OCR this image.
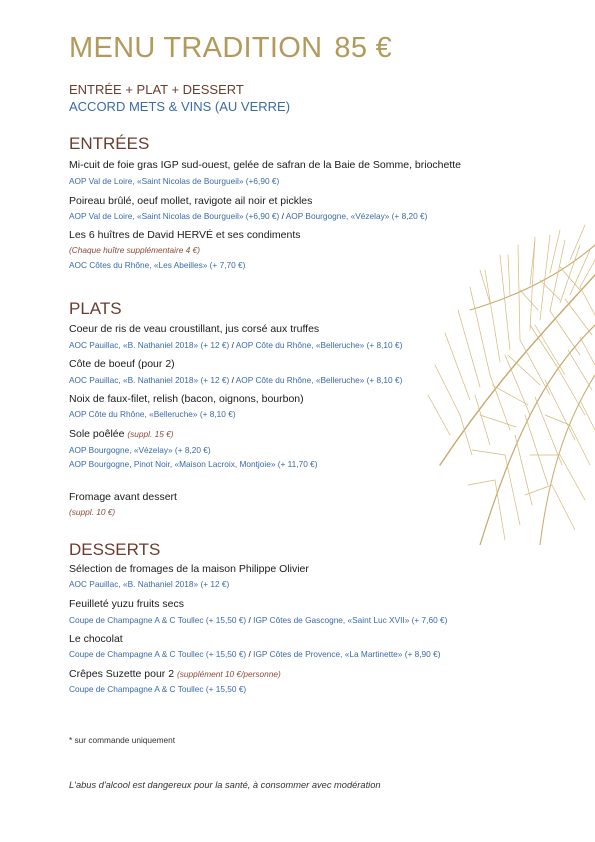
MENU TRADITION 85 €
ENTRÉE + PLAT + DESSERT
ACCORD METS & VINS (AU VERRE)
ENTRÉES
Mi-cuit de foie gras IGP sud-ouest, gelée de safran de la Baie de Somme, briochette
AOP Val de Loire, «Saint Nicolas de Bourgueil» (+6,90 €)
Poireau brûlé, oeuf mollet, ravigote ail noir et pickles
AOP Val de Loire, «Saint Nicolas de Bourgueil» (+6,90 €) / AOP Bourgogne, «Vézelay» (+ 8,20 €)
Les 6 huîtres de David HERVÉ et ses condiments
(Chaque huître supplémentaire 4 €)
AOC Côtes du Rhône, «Les Abeilles» (+ 7,70 €)
PLATS
Coeur de ris de veau croustillant, jus corsé aux truffes
AOC Pauillac, «B. Nathaniel 2018» (+ 12 €) / AOP Côte du Rhône, «Belleruche» (+ 8,10 €)
Côte de boeuf (pour 2)
AOC Pauillac, «B. Nathaniel 2018» (+ 12 €) / AOP Côte du Rhône, «Belleruche» (+ 8,10 €)
Noix de faux-filet, relish (bacon, oignons, bourbon)
AOP Côte du Rhône, «Belleruche» (+ 8,10 €)
Sole poêlée (suppl. 15 €)
AOP Bourgogne, «Vézelay» (+ 8,20 €)
AOP Bourgogne, Pinot Noir, «Maison Lacroix, Montjoie» (+ 11,70 €)
Fromage avant dessert
(suppl. 10 €)
DESSERTS
Sélection de fromages de la maison Philippe Olivier
AOC Pauillac, «B. Nathaniel 2018» (+ 12 €)
Feuilleté yuzu fruits secs
Coupe de Champagne A & C Toullec (+ 15,50 €) / IGP Côtes de Gascogne, «Saint Luc XVII» (+ 7,60 €)
Le chocolat
Coupe de Champagne A & C Toullec (+ 15,50 €) / IGP Côtes de Provence, «La Martinette» (+ 8,90 €)
Crêpes Suzette pour 2 (supplément 10 €/personne)
Coupe de Champagne A & C Toullec (+ 15,50 €)
* sur commande uniquement
L'abus d'alcool est dangereux pour la santé, à consommer avec modération
